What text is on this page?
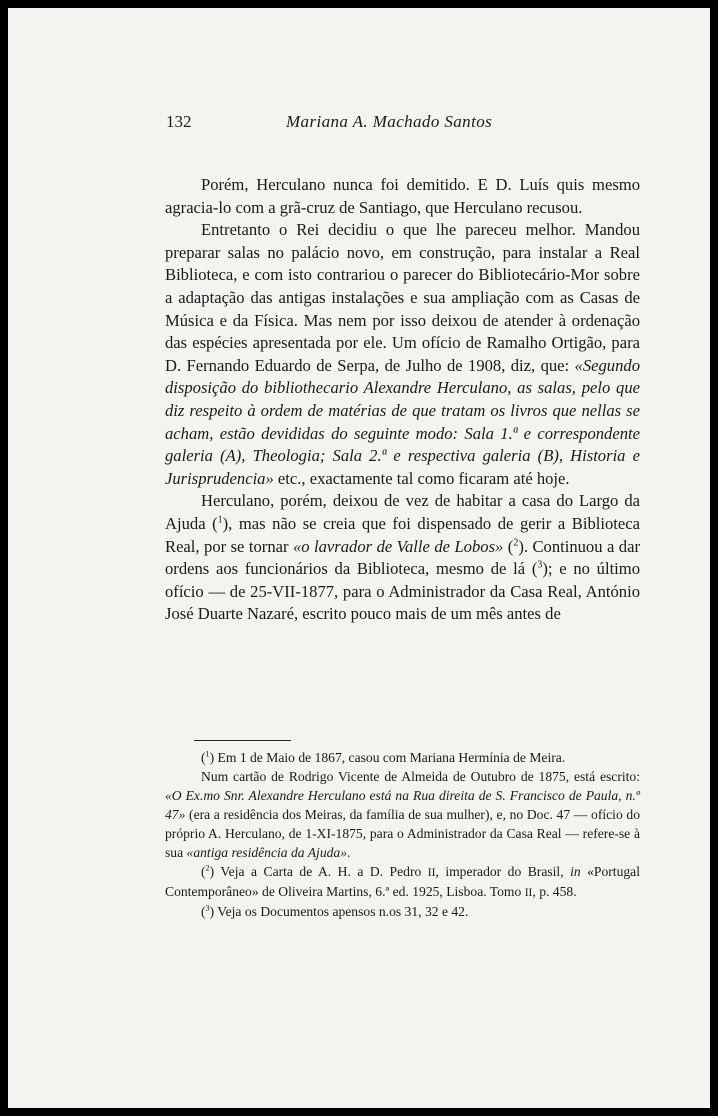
132	Mariana A. Machado Santos

Porém, Herculano nunca foi demitido. E D. Luís quis mesmo agracia-lo com a grã-cruz de Santiago, que Herculano recusou.

Entretanto o Rei decidiu o que lhe pareceu melhor. Mandou preparar salas no palácio novo, em construção, para instalar a Real Biblioteca, e com isto contrariou o parecer do Bibliotecário-Mor sobre a adaptação das antigas instalações e sua ampliação com as Casas de Música e da Física. Mas nem por isso deixou de atender à ordenação das espécies apresentada por ele. Um ofício de Ramalho Ortigão, para D. Fernando Eduardo de Serpa, de Julho de 1908, diz, que: «Segundo disposição do bibliothecario Alexandre Herculano, as salas, pelo que diz respeito à ordem de matérias de que tratam os livros que nellas se acham, estão devididas do seguinte modo: Sala 1.ª e correspondente galeria (A), Theologia; Sala 2.ª e respectiva galeria (B), Historia e Jurisprudencia» etc., exactamente tal como ficaram até hoje.

Herculano, porém, deixou de vez de habitar a casa do Largo da Ajuda ($^1$), mas não se creia que foi dispensado de gerir a Biblioteca Real, por se tornar «o lavrador de Valle de Lobos» ($^2$). Continuou a dar ordens aos funcionários da Biblioteca, mesmo de lá ($^3$); e no último ofício — de 25-VII-1877, para o Administrador da Casa Real, António José Duarte Nazaré, escrito pouco mais de um mês antes de

($^1$) Em 1 de Maio de 1867, casou com Mariana Hermínia de Meira.

Num cartão de Rodrigo Vicente de Almeida de Outubro de 1875, está escrito: «O Ex.mo Snr. Alexandre Herculano está na Rua direita de S. Francisco de Paula, n.º 47» (era a residência dos Meiras, da família de sua mulher), e, no Doc. 47 — ofício do próprio A. Herculano, de 1-XI-1875, para o Administrador da Casa Real — refere-se à sua «antiga residência da Ajuda».

($^2$) Veja a Carta de A. H. a D. Pedro II, imperador do Brasil, in «Portugal Contemporâneo» de Oliveira Martins, 6.ª ed. 1925, Lisboa. Tomo II, p. 458.

($^3$) Veja os Documentos apensos n.os 31, 32 e 42.
